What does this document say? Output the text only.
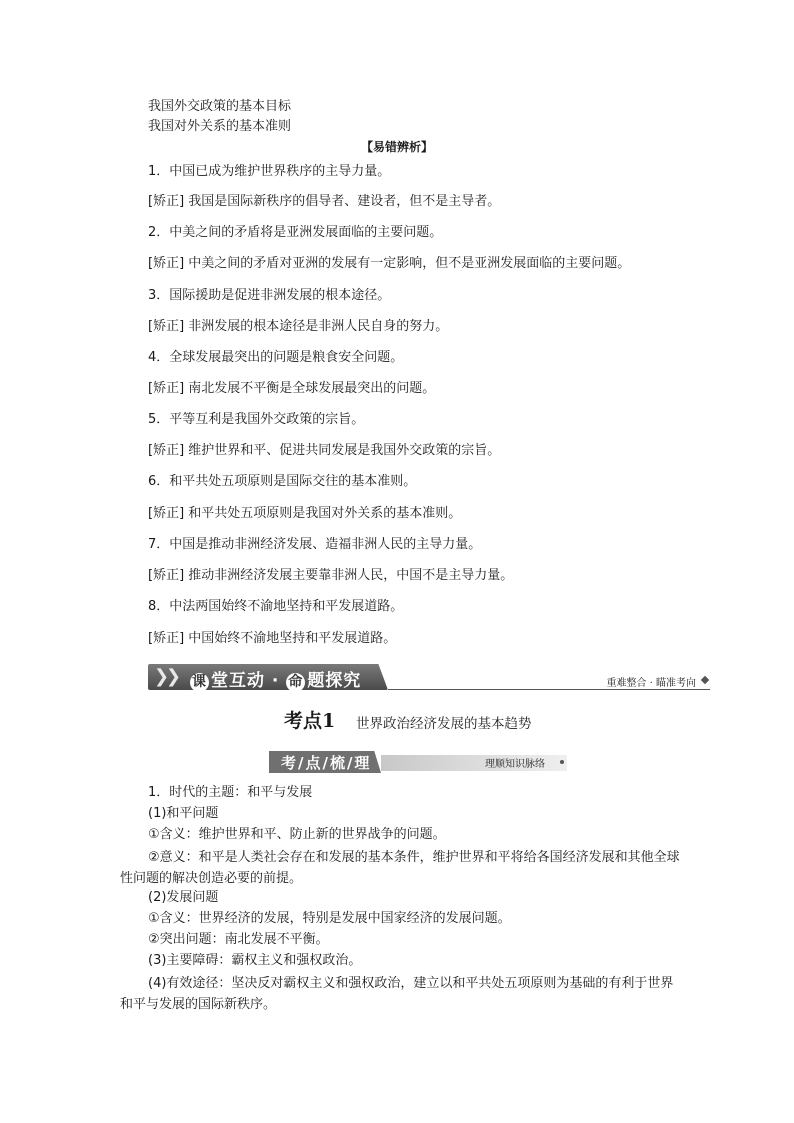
我国外交政策的基本目标
我国对外关系的基本准则
【易错辨析】
1．中国已成为维护世界秩序的主导力量。
[矫正] 我国是国际新秩序的倡导者、建设者，但不是主导者。
2．中美之间的矛盾将是亚洲发展面临的主要问题。
[矫正] 中美之间的矛盾对亚洲的发展有一定影响，但不是亚洲发展面临的主要问题。
3．国际援助是促进非洲发展的根本途径。
[矫正] 非洲发展的根本途径是非洲人民自身的努力。
4．全球发展最突出的问题是粮食安全问题。
[矫正] 南北发展不平衡是全球发展最突出的问题。
5．平等互利是我国外交政策的宗旨。
[矫正] 维护世界和平、促进共同发展是我国外交政策的宗旨。
6．和平共处五项原则是国际交往的基本准则。
[矫正] 和平共处五项原则是我国对外关系的基本准则。
7．中国是推动非洲经济发展、造福非洲人民的主导力量。
[矫正] 推动非洲经济发展主要靠非洲人民，中国不是主导力量。
8．中法两国始终不渝地坚持和平发展道路。
[矫正] 中国始终不渝地坚持和平发展道路。
❯
❯ 课 堂互动 · 命 题探究	重难整合 · 瞄准考向
考点1 世界政治经济发展的基本趋势
考/点/梳/理	理顺知识脉络
1．时代的主题：和平与发展
(1)和平问题
①含义：维护世界和平、防止新的世界战争的问题。
②意义：和平是人类社会存在和发展的基本条件，维护世界和平将给各国经济发展和其他全球性问题的解决创造必要的前提。
(2)发展问题
①含义：世界经济的发展，特别是发展中国家经济的发展问题。
②突出问题：南北发展不平衡。
(3)主要障碍：霸权主义和强权政治。
(4)有效途径：坚决反对霸权主义和强权政治，建立以和平共处五项原则为基础的有利于世界和平与发展的国际新秩序。
